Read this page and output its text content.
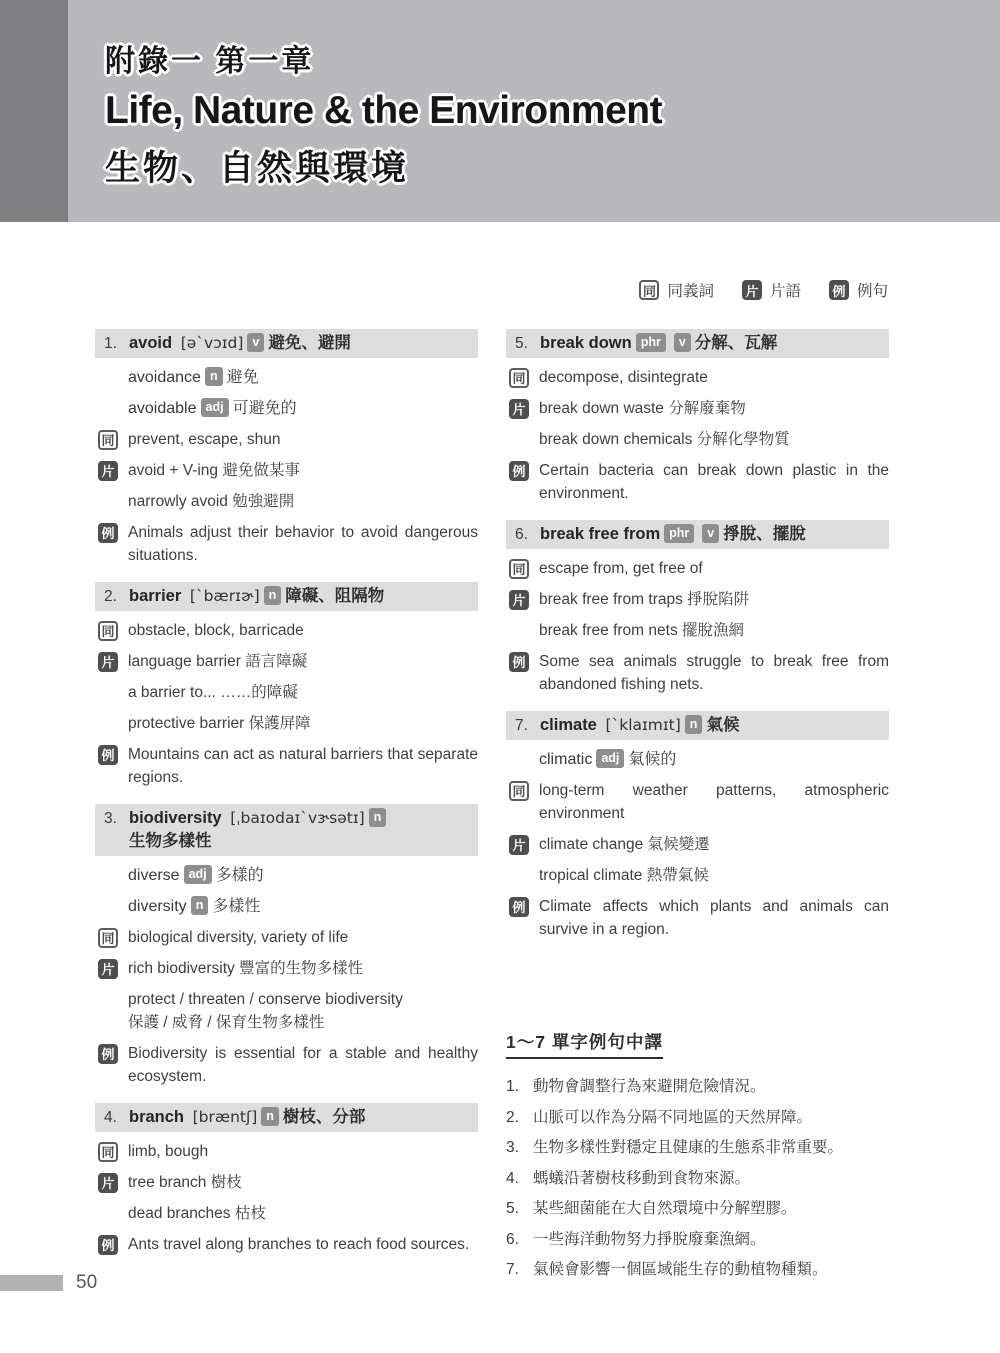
附錄一 第一章
Life, Nature & the Environment
生物、自然與環境
同 同義詞 片 片語 例 例句
1. avoid [ə`vɔɪd] v 避免、避開
avoidance n 避免
avoidable adj 可避免的
同 prevent, escape, shun
片 avoid + V-ing 避免做某事
narrowly avoid 勉強避開
例 Animals adjust their behavior to avoid dangerous situations.
2. barrier [`bærɪɚ] n 障礙、阻隔物
同 obstacle, block, barricade
片 language barrier 語言障礙
a barrier to... ……的障礙
protective barrier 保護屏障
例 Mountains can act as natural barriers that separate regions.
3. biodiversity [ˌbaɪodaɪ`vɝsətɪ] n
生物多樣性
diverse adj 多樣的
diversity n 多樣性
同 biological diversity, variety of life
片 rich biodiversity 豐富的生物多樣性
protect / threaten / conserve biodiversity
保護 / 威脅 / 保育生物多樣性
例 Biodiversity is essential for a stable and healthy ecosystem.
4. branch [bræntʃ] n 樹枝、分部
同 limb, bough
片 tree branch 樹枝
dead branches 枯枝
例 Ants travel along branches to reach food sources.
5. break down phr v 分解、瓦解
同 decompose, disintegrate
片 break down waste 分解廢棄物
break down chemicals 分解化學物質
例 Certain bacteria can break down plastic in the environment.
6. break free from phr v 掙脫、擺脫
同 escape from, get free of
片 break free from traps 掙脫陷阱
break free from nets 擺脫漁網
例 Some sea animals struggle to break free from abandoned fishing nets.
7. climate [`klaɪmɪt] n 氣候
climatic adj 氣候的
同 long-term weather patterns, atmospheric environment
片 climate change 氣候變遷
tropical climate 熱帶氣候
例 Climate affects which plants and animals can survive in a region.
1～7 單字例句中譯
1. 動物會調整行為來避開危險情況。
2. 山脈可以作為分隔不同地區的天然屏障。
3. 生物多樣性對穩定且健康的生態系非常重要。
4. 螞蟻沿著樹枝移動到食物來源。
5. 某些細菌能在大自然環境中分解塑膠。
6. 一些海洋動物努力掙脫廢棄漁網。
7. 氣候會影響一個區域能生存的動植物種類。
50
